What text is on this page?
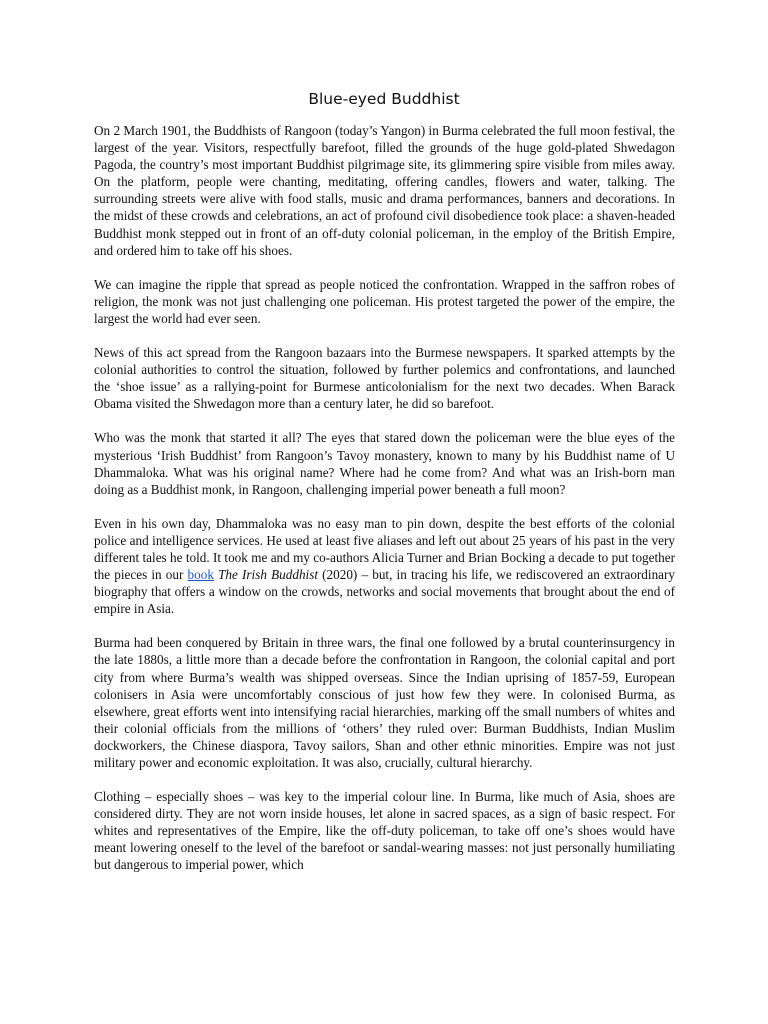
Blue-eyed Buddhist

On 2 March 1901, the Buddhists of Rangoon (today’s Yangon) in Burma celebrated the full moon festival, the largest of the year. Visitors, respectfully barefoot, filled the grounds of the huge gold-plated Shwedagon Pagoda, the country’s most important Buddhist pilgrimage site, its glimmering spire visible from miles away. On the platform, people were chanting, meditating, offering candles, flowers and water, talking. The surrounding streets were alive with food stalls, music and drama performances, banners and decorations. In the midst of these crowds and celebrations, an act of profound civil disobedience took place: a shaven-headed Buddhist monk stepped out in front of an off-duty colonial policeman, in the employ of the British Empire, and ordered him to take off his shoes.

We can imagine the ripple that spread as people noticed the confrontation. Wrapped in the saffron robes of religion, the monk was not just challenging one policeman. His protest targeted the power of the empire, the largest the world had ever seen.

News of this act spread from the Rangoon bazaars into the Burmese newspapers. It sparked attempts by the colonial authorities to control the situation, followed by further polemics and confrontations, and launched the ‘shoe issue’ as a rallying-point for Burmese anticolonialism for the next two decades. When Barack Obama visited the Shwedagon more than a century later, he did so barefoot.

Who was the monk that started it all? The eyes that stared down the policeman were the blue eyes of the mysterious ‘Irish Buddhist’ from Rangoon’s Tavoy monastery, known to many by his Buddhist name of U Dhammaloka. What was his original name? Where had he come from? And what was an Irish-born man doing as a Buddhist monk, in Rangoon, challenging imperial power beneath a full moon?

Even in his own day, Dhammaloka was no easy man to pin down, despite the best efforts of the colonial police and intelligence services. He used at least five aliases and left out about 25 years of his past in the very different tales he told. It took me and my co-authors Alicia Turner and Brian Bocking a decade to put together the pieces in our book The Irish Buddhist (2020) – but, in tracing his life, we rediscovered an extraordinary biography that offers a window on the crowds, networks and social movements that brought about the end of empire in Asia.

Burma had been conquered by Britain in three wars, the final one followed by a brutal counterinsurgency in the late 1880s, a little more than a decade before the confrontation in Rangoon, the colonial capital and port city from where Burma’s wealth was shipped overseas. Since the Indian uprising of 1857-59, European colonisers in Asia were uncomfortably conscious of just how few they were. In colonised Burma, as elsewhere, great efforts went into intensifying racial hierarchies, marking off the small numbers of whites and their colonial officials from the millions of ‘others’ they ruled over: Burman Buddhists, Indian Muslim dockworkers, the Chinese diaspora, Tavoy sailors, Shan and other ethnic minorities. Empire was not just military power and economic exploitation. It was also, crucially, cultural hierarchy.

Clothing – especially shoes – was key to the imperial colour line. In Burma, like much of Asia, shoes are considered dirty. They are not worn inside houses, let alone in sacred spaces, as a sign of basic respect. For whites and representatives of the Empire, like the off-duty policeman, to take off one’s shoes would have meant lowering oneself to the level of the barefoot or sandal-wearing masses: not just personally humiliating but dangerous to imperial power, which
